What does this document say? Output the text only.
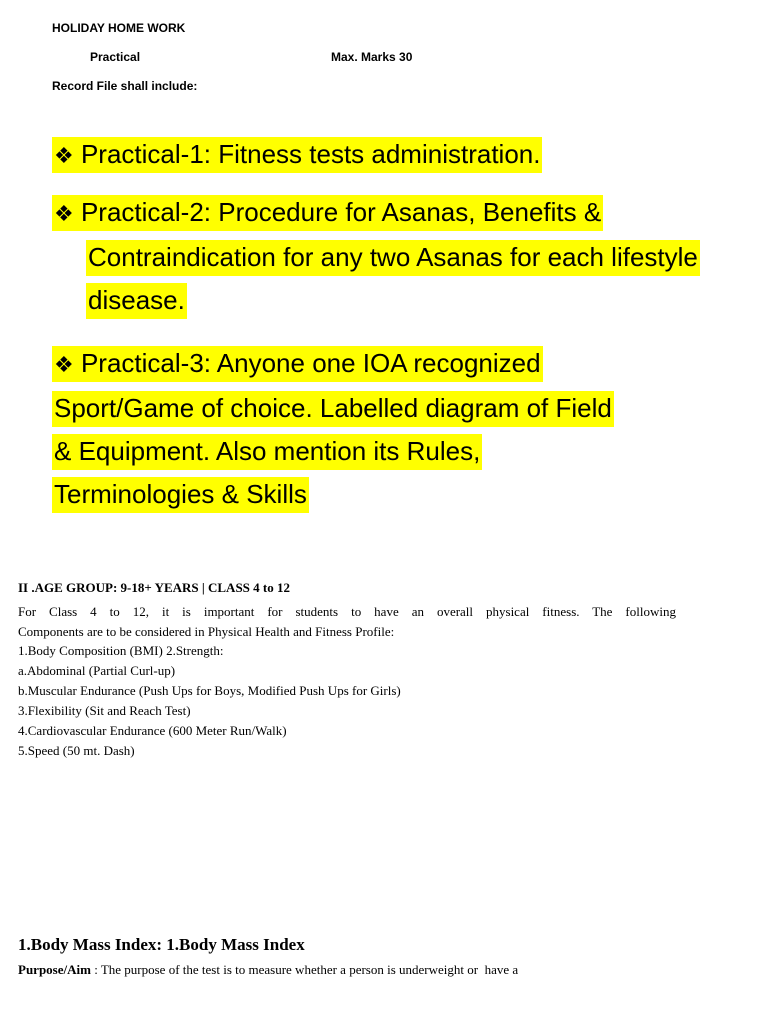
HOLIDAY HOME WORK
Practical	Max. Marks 30
Record File shall include:
❖ Practical-1: Fitness tests administration.
❖ Practical-2: Procedure for Asanas, Benefits & Contraindication for any two Asanas for each lifestyle disease.
❖ Practical-3: Anyone one IOA recognized Sport/Game of choice. Labelled diagram of Field & Equipment. Also mention its Rules, Terminologies & Skills
II .AGE GROUP: 9-18+ YEARS | CLASS 4 to 12
For Class 4 to 12, it is important for students to have an overall physical fitness. The following
Components are to be considered in Physical Health and Fitness Profile:
1.Body Composition (BMI) 2.Strength:
a.Abdominal (Partial Curl-up)
b.Muscular Endurance (Push Ups for Boys, Modified Push Ups for Girls)
3.Flexibility (Sit and Reach Test)
4.Cardiovascular Endurance (600 Meter Run/Walk)
5.Speed (50 mt. Dash)
1.Body Mass Index: 1.Body Mass Index
Purpose/Aim : The purpose of the test is to measure whether a person is underweight or  have a
